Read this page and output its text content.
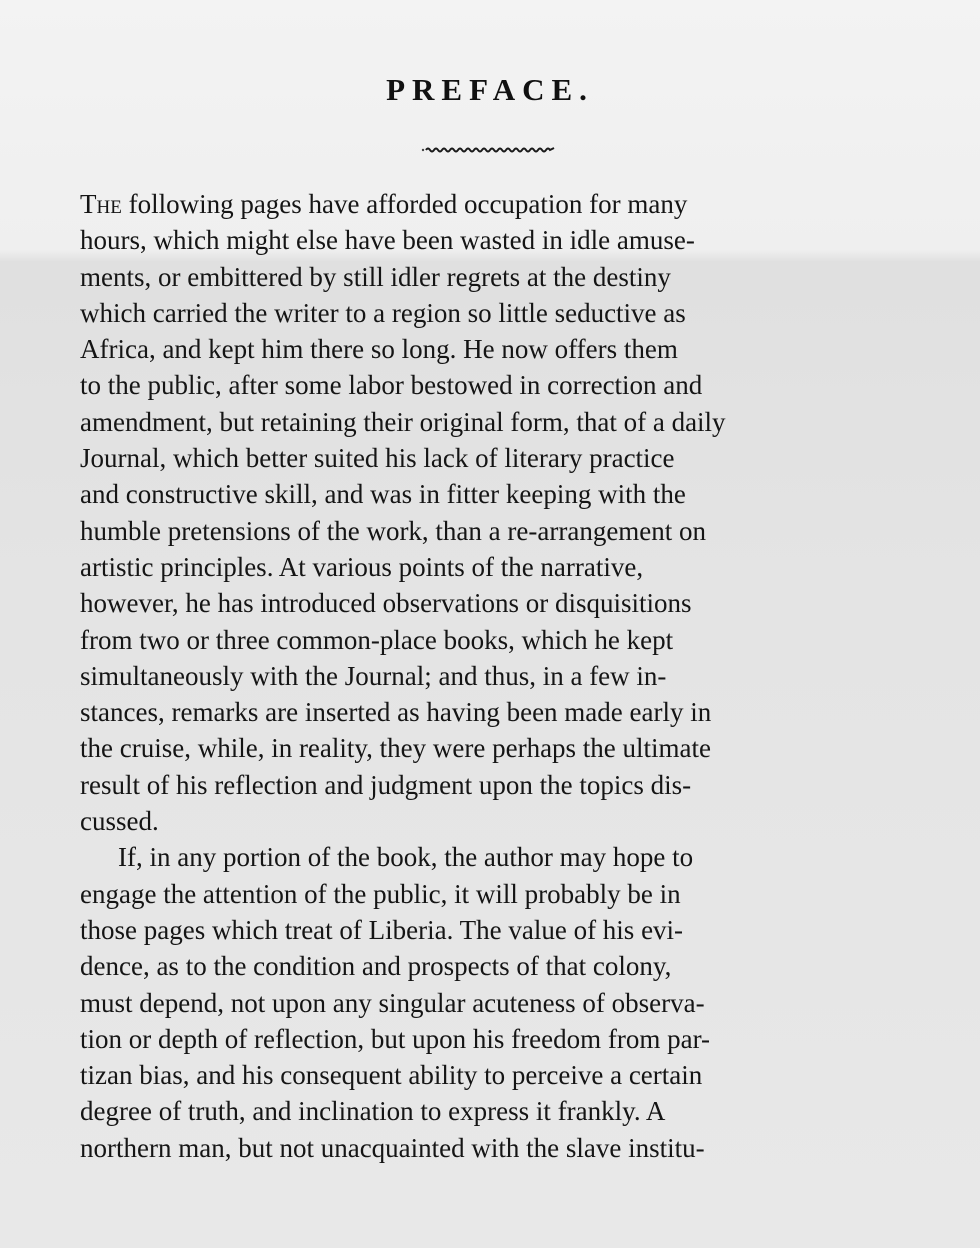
PREFACE.

The following pages have afforded occupation for many
hours, which might else have been wasted in idle amuse-
ments, or embittered by still idler regrets at the destiny
which carried the writer to a region so little seductive as
Africa, and kept him there so long. He now offers them
to the public, after some labor bestowed in correction and
amendment, but retaining their original form, that of a daily
Journal, which better suited his lack of literary practice
and constructive skill, and was in fitter keeping with the
humble pretensions of the work, than a re-arrangement on
artistic principles. At various points of the narrative,
however, he has introduced observations or disquisitions
from two or three common-place books, which he kept
simultaneously with the Journal; and thus, in a few in-
stances, remarks are inserted as having been made early in
the cruise, while, in reality, they were perhaps the ultimate
result of his reflection and judgment upon the topics dis-
cussed.

If, in any portion of the book, the author may hope to
engage the attention of the public, it will probably be in
those pages which treat of Liberia. The value of his evi-
dence, as to the condition and prospects of that colony,
must depend, not upon any singular acuteness of observa-
tion or depth of reflection, but upon his freedom from par-
tizan bias, and his consequent ability to perceive a certain
degree of truth, and inclination to express it frankly. A
northern man, but not unacquainted with the slave institu-
